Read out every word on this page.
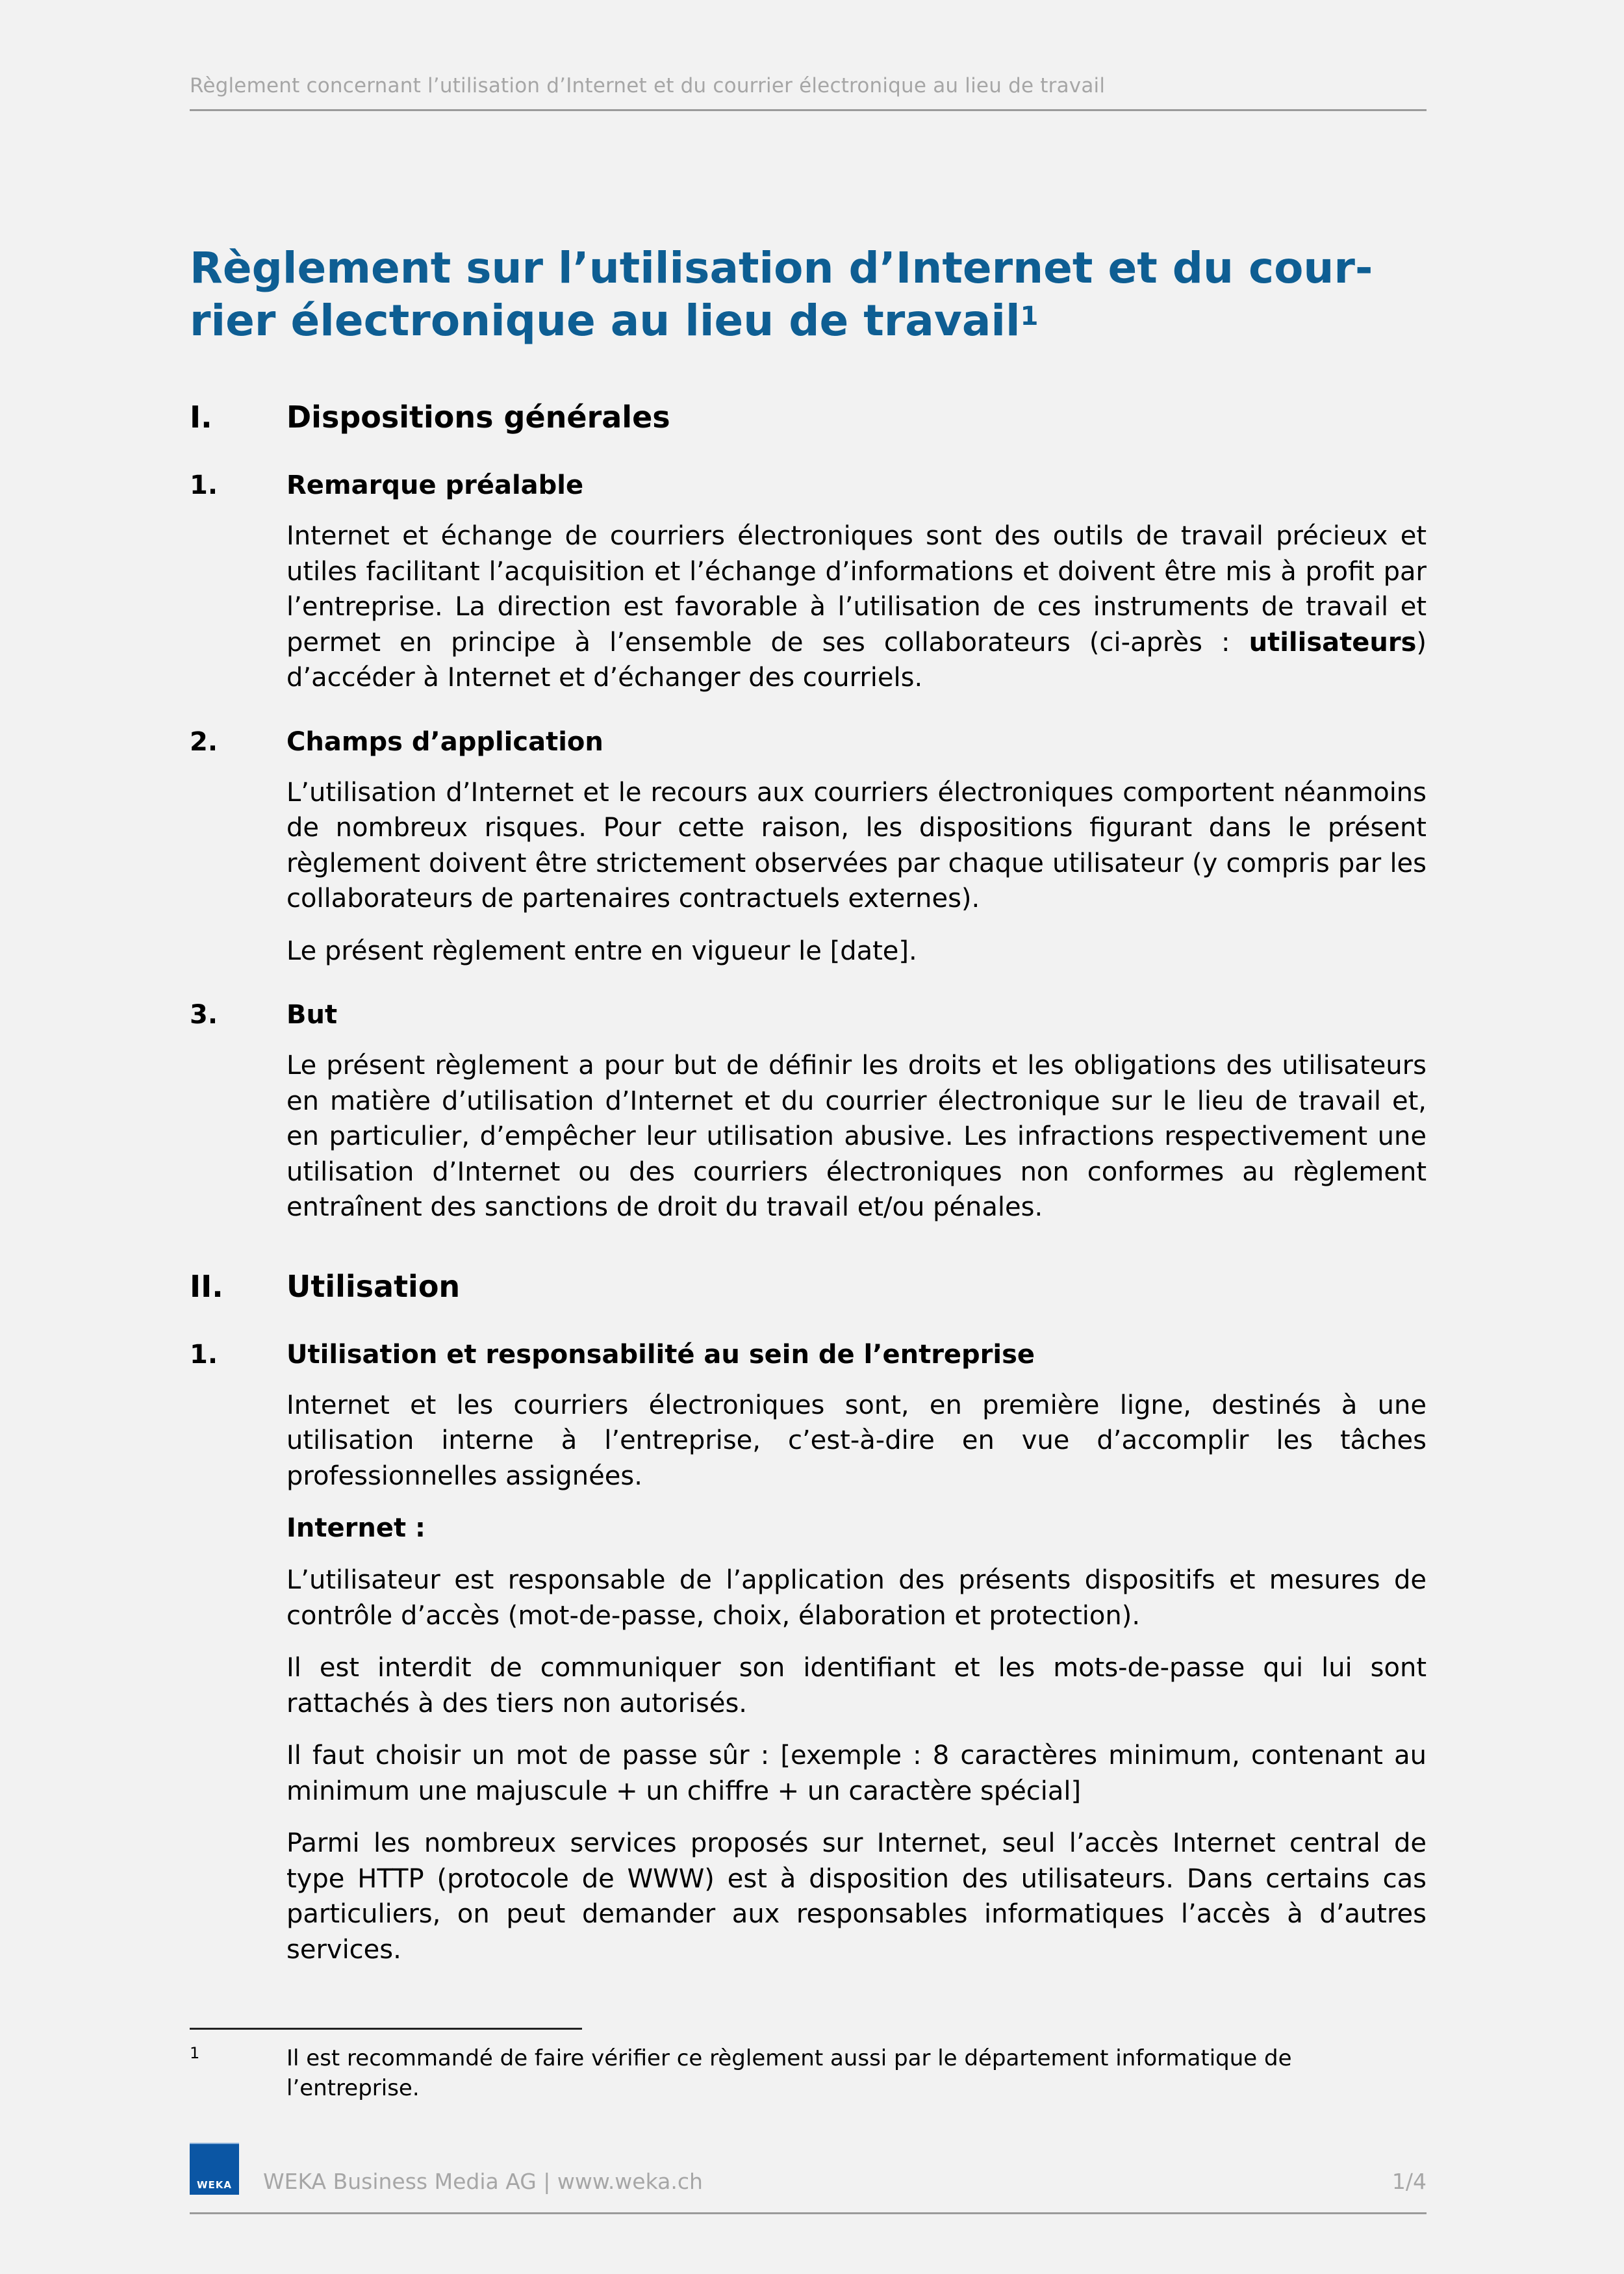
Règlement concernant l’utilisation d’Internet et du courrier électronique au lieu de travail
Règlement sur l’utilisation d’Internet et du cour-
rier électronique au lieu de travail$^1$
I.	Dispositions générales
1.	Remarque préalable

Internet et échange de courriers électroniques sont des outils de travail précieux et utiles facilitant l’acquisition et l’échange d’informations et doivent être mis à profit par l’entreprise. La direction est favorable à l’utilisation de ces instruments de travail et permet en principe à l’ensemble de ses collaborateurs (ci-après : utilisateurs) d’accéder à Internet et d’échanger des courriels.

2.	Champs d’application

L’utilisation d’Internet et le recours aux courriers électroniques comportent néanmoins de nombreux risques. Pour cette raison, les dispositions figurant dans le présent règlement doivent être strictement observées par chaque utilisateur (y compris par les collaborateurs de partenaires contractuels externes).

Le présent règlement entre en vigueur le [date].

3.	But

Le présent règlement a pour but de définir les droits et les obligations des utilisateurs en matière d’utilisation d’Internet et du courrier électronique sur le lieu de travail et, en particulier, d’empêcher leur utilisation abusive. Les infractions respectivement une utilisation d’Internet ou des courriers électroniques non conformes au règlement entraînent des sanctions de droit du travail et/ou pénales.

II.	Utilisation
1.	Utilisation et responsabilité au sein de l’entreprise

Internet et les courriers électroniques sont, en première ligne, destinés à une utilisation interne à l’entreprise, c’est-à-dire en vue d’accomplir les tâches professionnelles assignées.

Internet :

L’utilisateur est responsable de l’application des présents dispositifs et mesures de contrôle d’accès (mot-de-passe, choix, élaboration et protection).

Il est interdit de communiquer son identifiant et les mots-de-passe qui lui sont rattachés à des tiers non autorisés.

Il faut choisir un mot de passe sûr : [exemple : 8 caractères minimum, contenant au minimum une majuscule + un chiffre + un caractère spécial]

Parmi les nombreux services proposés sur Internet, seul l’accès Internet central de type HTTP (protocole de WWW) est à disposition des utilisateurs. Dans certains cas particuliers, on peut demander aux responsables informatiques l’accès à d’autres services.

1	Il est recommandé de faire vérifier ce règlement aussi par le département informatique de l’entreprise.
WEKA	WEKA Business Media AG | www.weka.ch	1/4
